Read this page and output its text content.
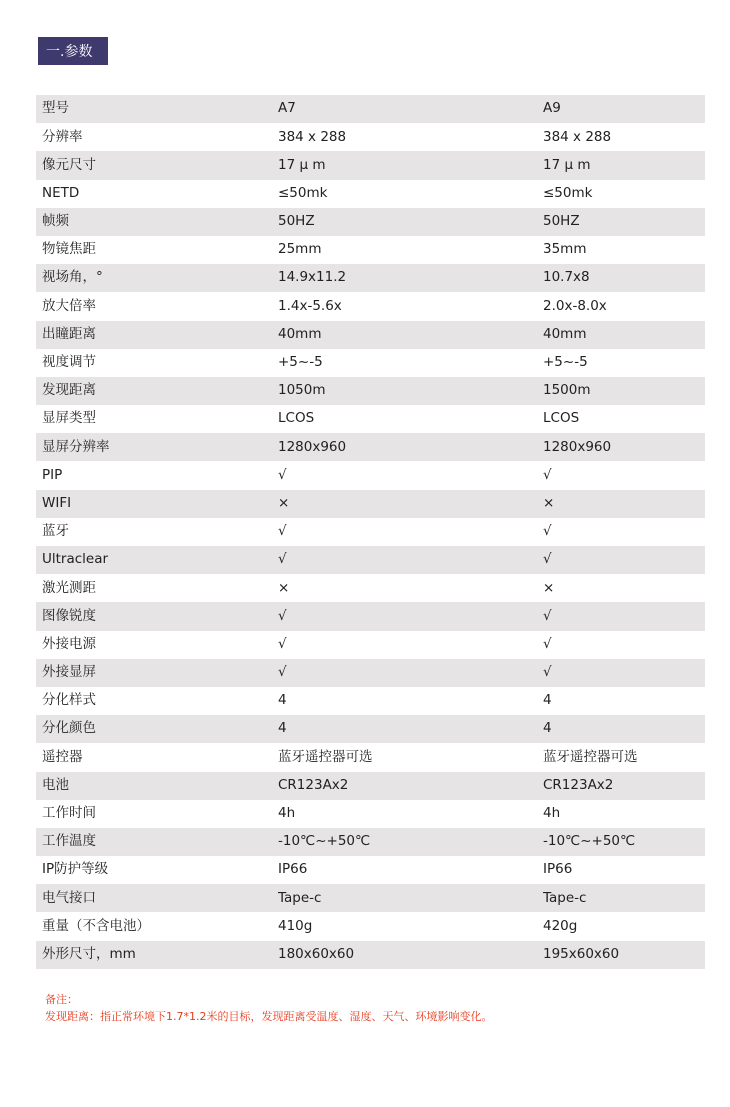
一.参数
型号	A7	A9
分辨率	384 x 288	384 x 288
像元尺寸	17 μ m	17 μ m
NETD	≤50mk	≤50mk
帧频	50HZ	50HZ
物镜焦距	25mm	35mm
视场角，°	14.9x11.2	10.7x8
放大倍率	1.4x-5.6x	2.0x-8.0x
出瞳距离	40mm	40mm
视度调节	+5~-5	+5~-5
发现距离	1050m	1500m
显屏类型	LCOS	LCOS
显屏分辨率	1280x960	1280x960
PIP	√	√
WIFI	×	×
蓝牙	√	√
Ultraclear	√	√
激光测距	×	×
图像锐度	√	√
外接电源	√	√
外接显屏	√	√
分化样式	4	4
分化颜色	4	4
遥控器	蓝牙遥控器可选	蓝牙遥控器可选
电池	CR123Ax2	CR123Ax2
工作时间	4h	4h
工作温度	-10℃~+50℃	-10℃~+50℃
IP防护等级	IP66	IP66
电气接口	Tape-c	Tape-c
重量（不含电池）	410g	420g
外形尺寸，mm	180x60x60	195x60x60
备注：
发现距离：指正常环境下1.7*1.2米的目标，发现距离受温度、湿度、天气、环境影响变化。
